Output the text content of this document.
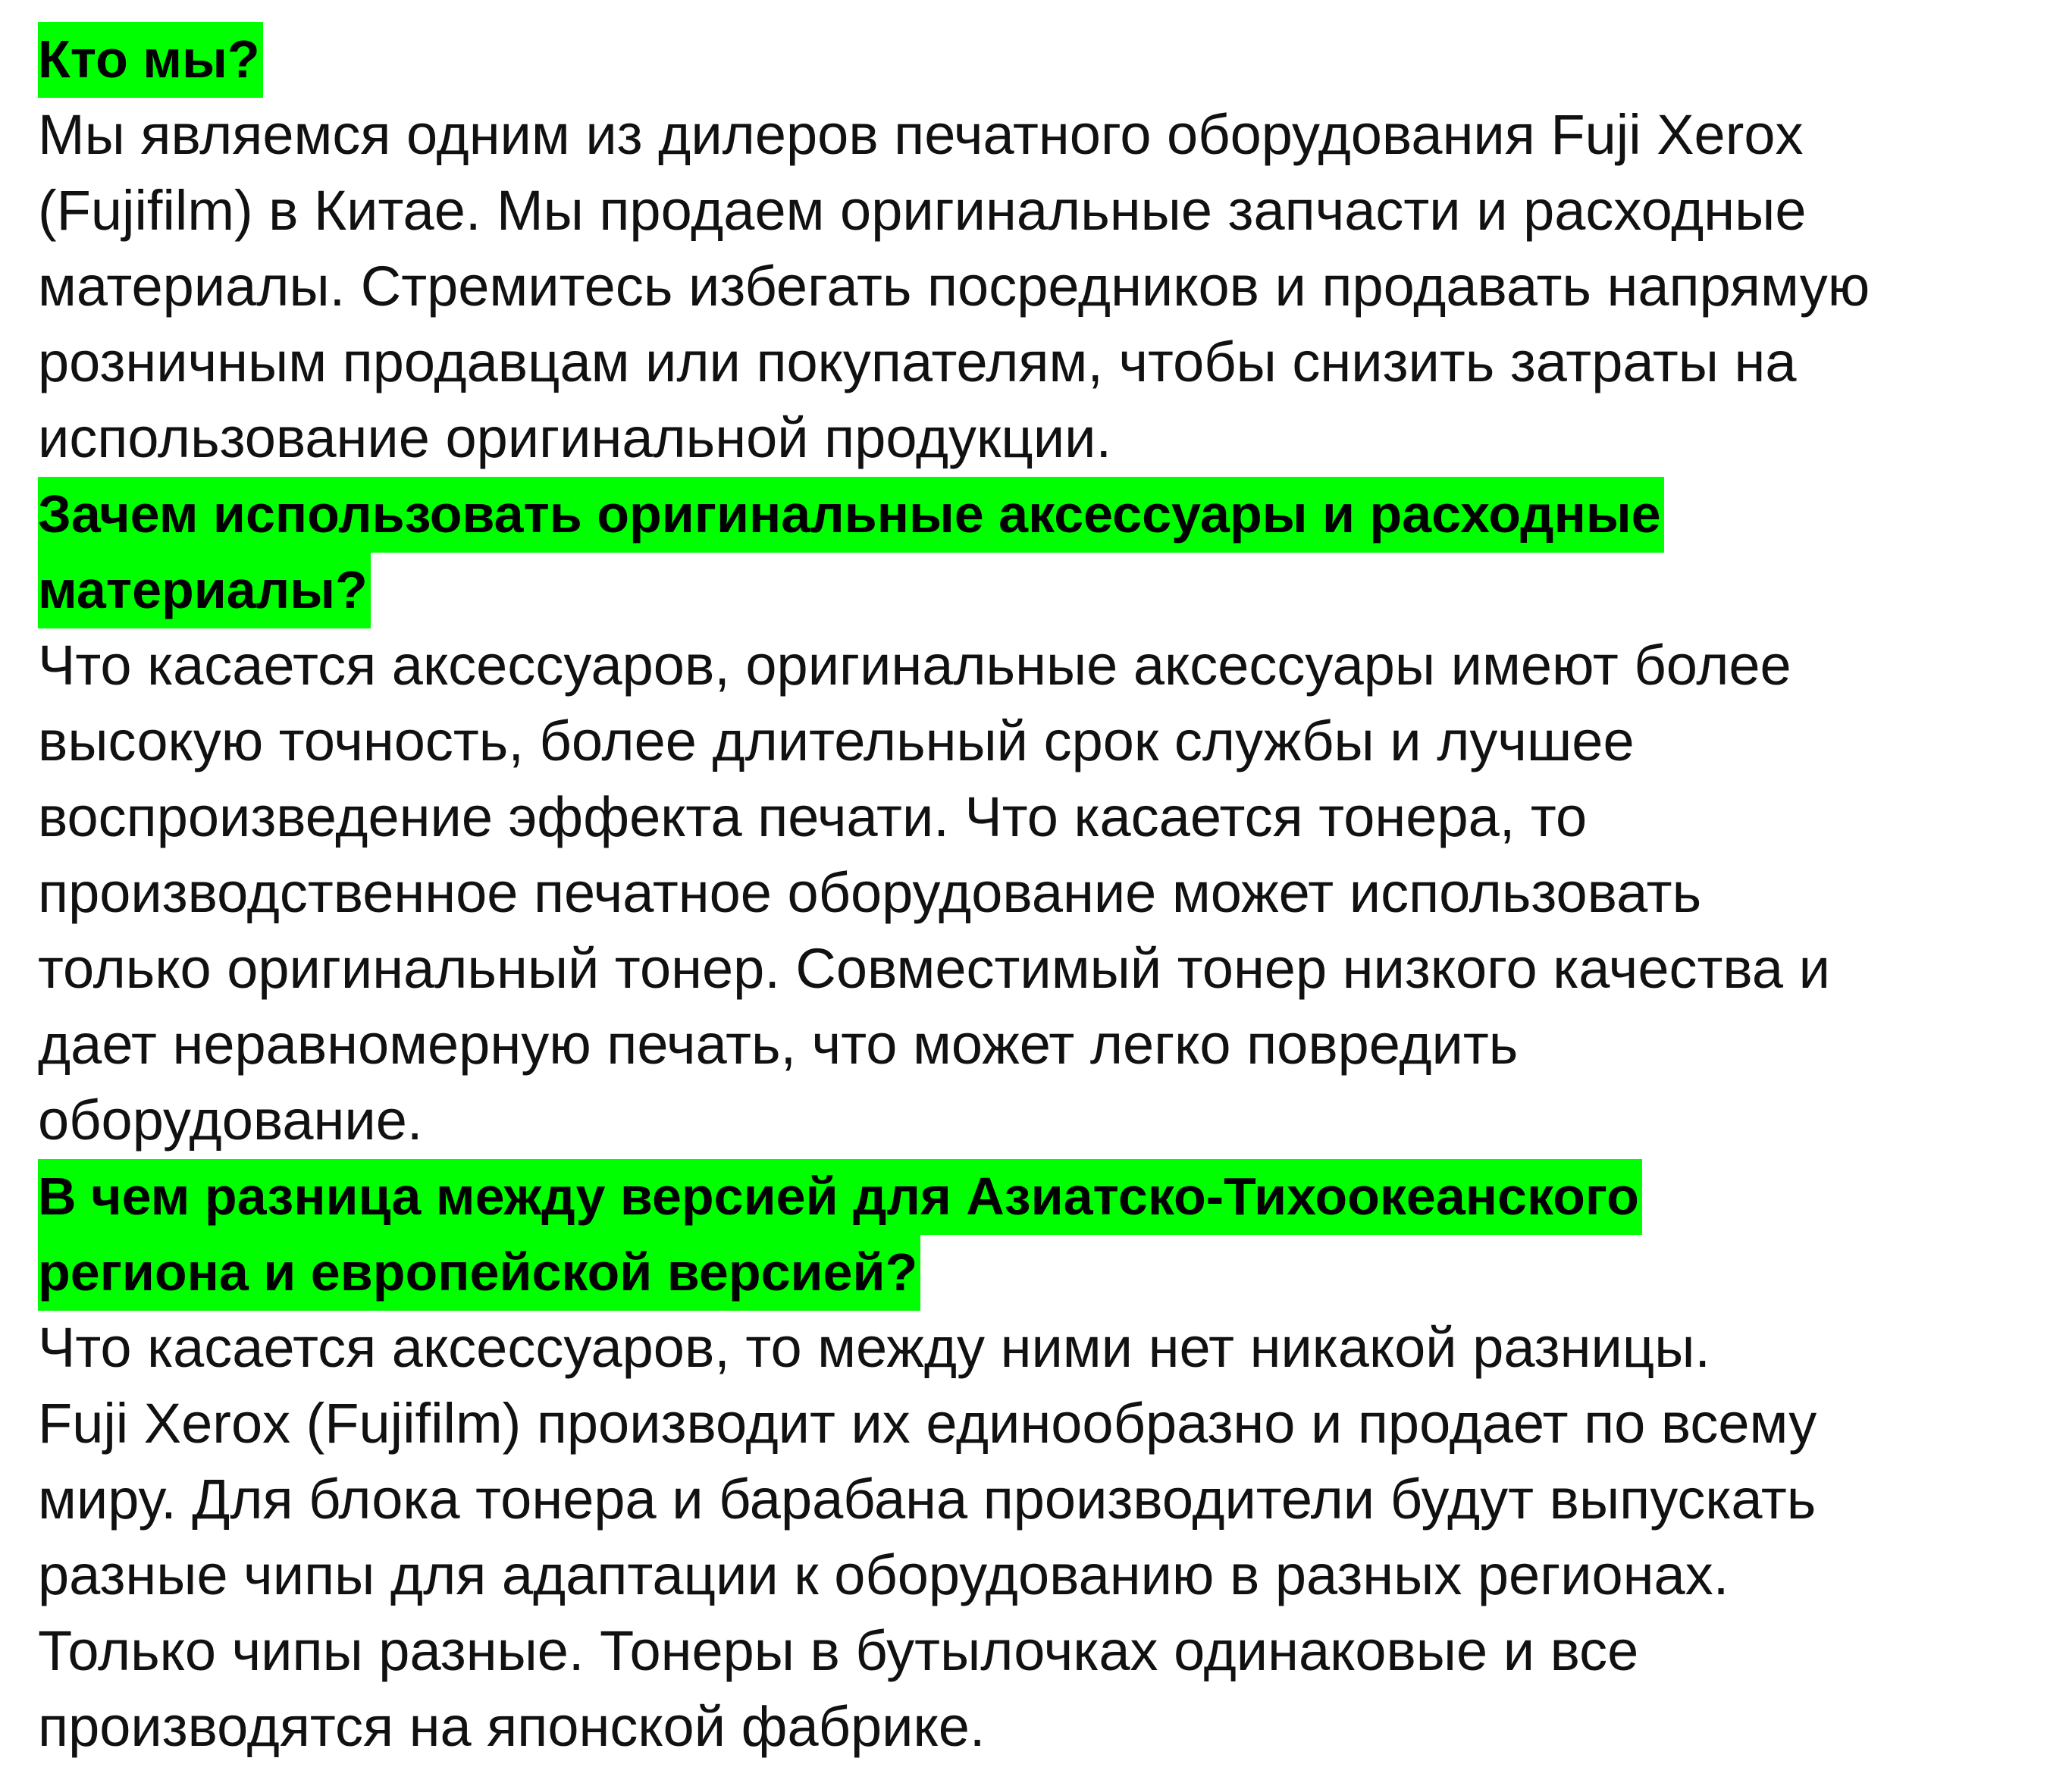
Кто мы?
Мы являемся одним из дилеров печатного оборудования Fuji Xerox
(Fujifilm) в Китае. Мы продаем оригинальные запчасти и расходные
материалы. Стремитесь избегать посредников и продавать напрямую
розничным продавцам или покупателям, чтобы снизить затраты на
использование оригинальной продукции.
Зачем использовать оригинальные аксессуары и расходные
материалы?
Что касается аксессуаров, оригинальные аксессуары имеют более
высокую точность, более длительный срок службы и лучшее
воспроизведение эффекта печати. Что касается тонера, то
производственное печатное оборудование может использовать
только оригинальный тонер. Совместимый тонер низкого качества и
дает неравномерную печать, что может легко повредить
оборудование.
В чем разница между версией для Азиатско-Тихоокеанского
региона и европейской версией?
Что касается аксессуаров, то между ними нет никакой разницы.
Fuji Xerox (Fujifilm) производит их единообразно и продает по всему
миру. Для блока тонера и барабана производители будут выпускать
разные чипы для адаптации к оборудованию в разных регионах.
Только чипы разные. Тонеры в бутылочках одинаковые и все
производятся на японской фабрике.
